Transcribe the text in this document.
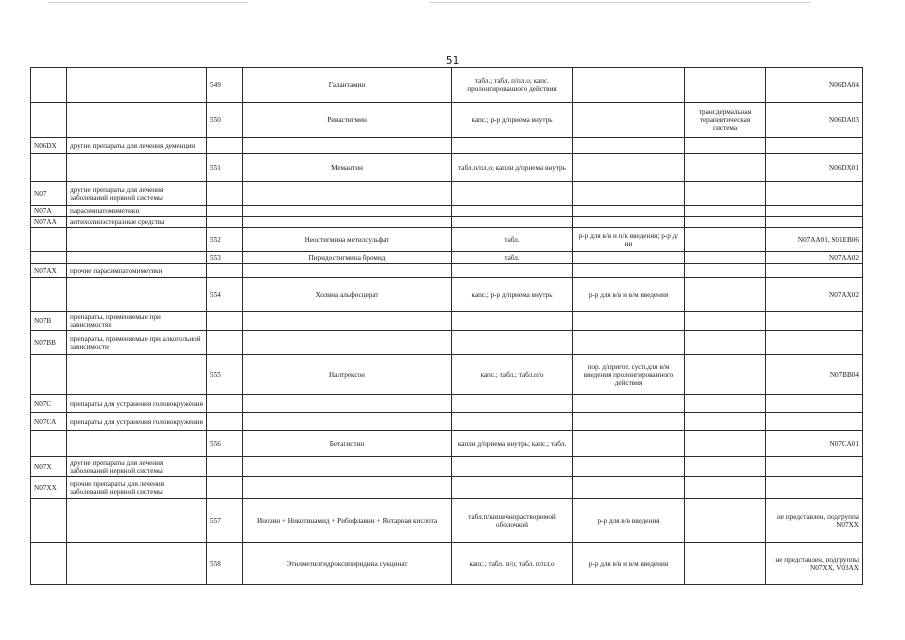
51
		549	Галантамин	табл.; табл. п/пл.о; капс. пролонгированного действия			N06DA04
		550	Ривастигмин	капс.; р-р д/приема внутрь		трансдермальная терапевтическая система	N06DA03
N06DX	другие препараты для лечения деменции						
		551	Мемантин	табл.п/пл.о; капли д/приема внутрь			N06DX01
N07	другие препараты для лечения заболеваний нервной системы						
N07A	парасимпатомиметики						
N07AA	антихолинэстеразные средства						
		552	Неостигмина метилсульфат	табл.	р-р для в/в и п/к введения; р-р д/ин		N07AA01, S01EB06
		553	Пиридостигмина бромид	табл.			N07AA02
N07AX	прочие парасимпатомиметики						
		554	Холина альфосцерат	капс.; р-р д/приема внутрь	р-р для в/в и в/м введения		N07AX02
N07B	препараты, применяемые при зависимостях						
N07BB	препараты, применяемые при алкогольной зависимости						
		555	Налтрексон	капс.; табл.; табл.п/о	пор. д/пригот. сусп.для в/м введения пролонгированного действия		N07BB04
N07C	препараты для устранения головокружения						
N07CA	препараты для устранения головокружения						
		556	Бетагистин	капли д/приема внутрь; капс.; табл.			N07CA01
N07X	другие препараты для лечения заболеваний нервной системы						
N07XX	прочие препараты для лечения заболеваний нервной системы						
		557	Инозин + Никотинамид + Рибофлавин + Янтарная кислота	табл.п/кишечнорастворимой оболочкой	р-р для в/в введения		не представлен, подгруппа N07XX
		558	Этилметилгидроксипиридина сукцинат	капс.; табл. п/о; табл. п/пл.о	р-р для в/в и в/м введения		не представлен, подгруппы N07XX, V03AX
